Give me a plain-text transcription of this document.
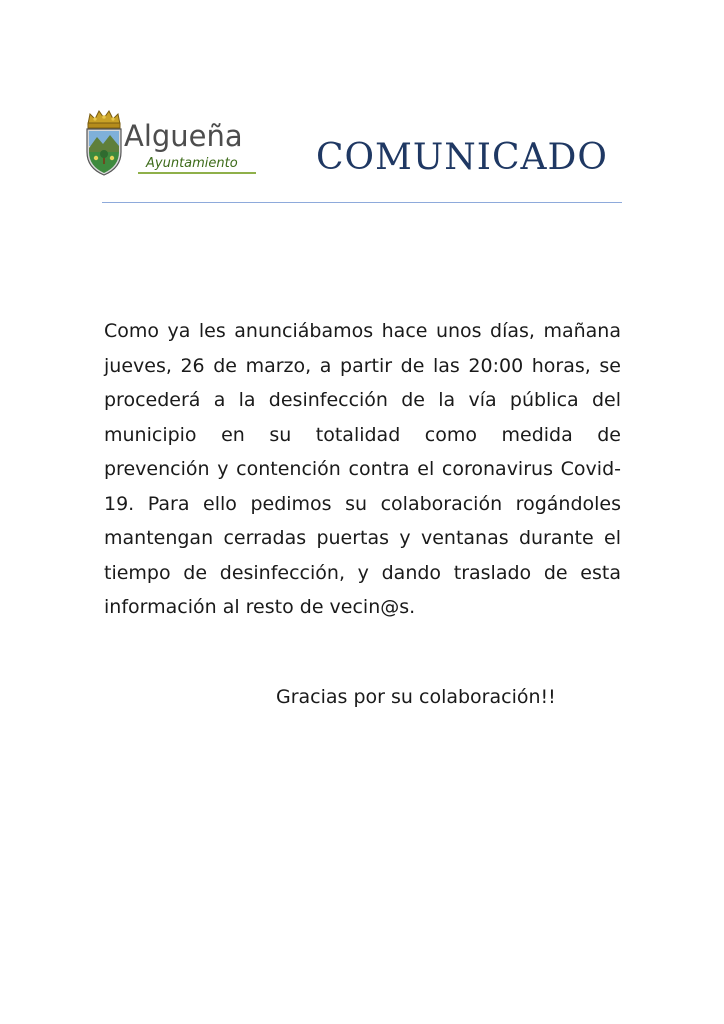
Algueña
Ayuntamiento COMUNICADO

Como ya les anunciábamos hace unos días, mañana jueves, 26 de marzo, a partir de las 20:00 horas, se procederá a la desinfección de la vía pública del municipio en su totalidad como medida de prevención y contención contra el coronavirus Covid-19. Para ello pedimos su colaboración rogándoles mantengan cerradas puertas y ventanas durante el tiempo de desinfección, y dando traslado de esta información al resto de vecin@s.

Gracias por su colaboración!!
